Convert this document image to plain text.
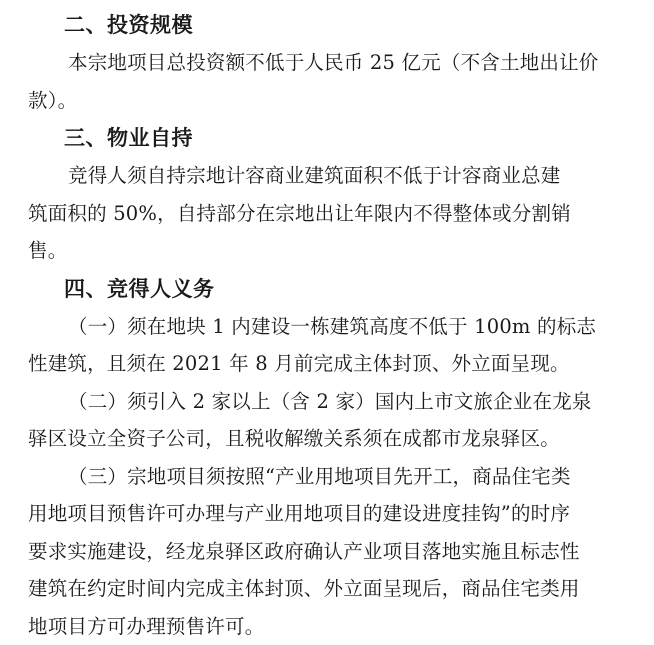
二、投资规模

本宗地项目总投资额不低于人民币 25 亿元（不含土地出让价
款）。

三、物业自持

竞得人须自持宗地计容商业建筑面积不低于计容商业总建
筑面积的 50%，自持部分在宗地出让年限内不得整体或分割销
售。

四、竞得人义务

（一）须在地块 1 内建设一栋建筑高度不低于 100m 的标志
性建筑，且须在 2021 年 8 月前完成主体封顶、外立面呈现。

（二）须引入 2 家以上（含 2 家）国内上市文旅企业在龙泉
驿区设立全资子公司，且税收解缴关系须在成都市龙泉驿区。

（三）宗地项目须按照“产业用地项目先开工，商品住宅类
用地项目预售许可办理与产业用地项目的建设进度挂钩”的时序
要求实施建设，经龙泉驿区政府确认产业项目落地实施且标志性
建筑在约定时间内完成主体封顶、外立面呈现后，商品住宅类用
地项目方可办理预售许可。
